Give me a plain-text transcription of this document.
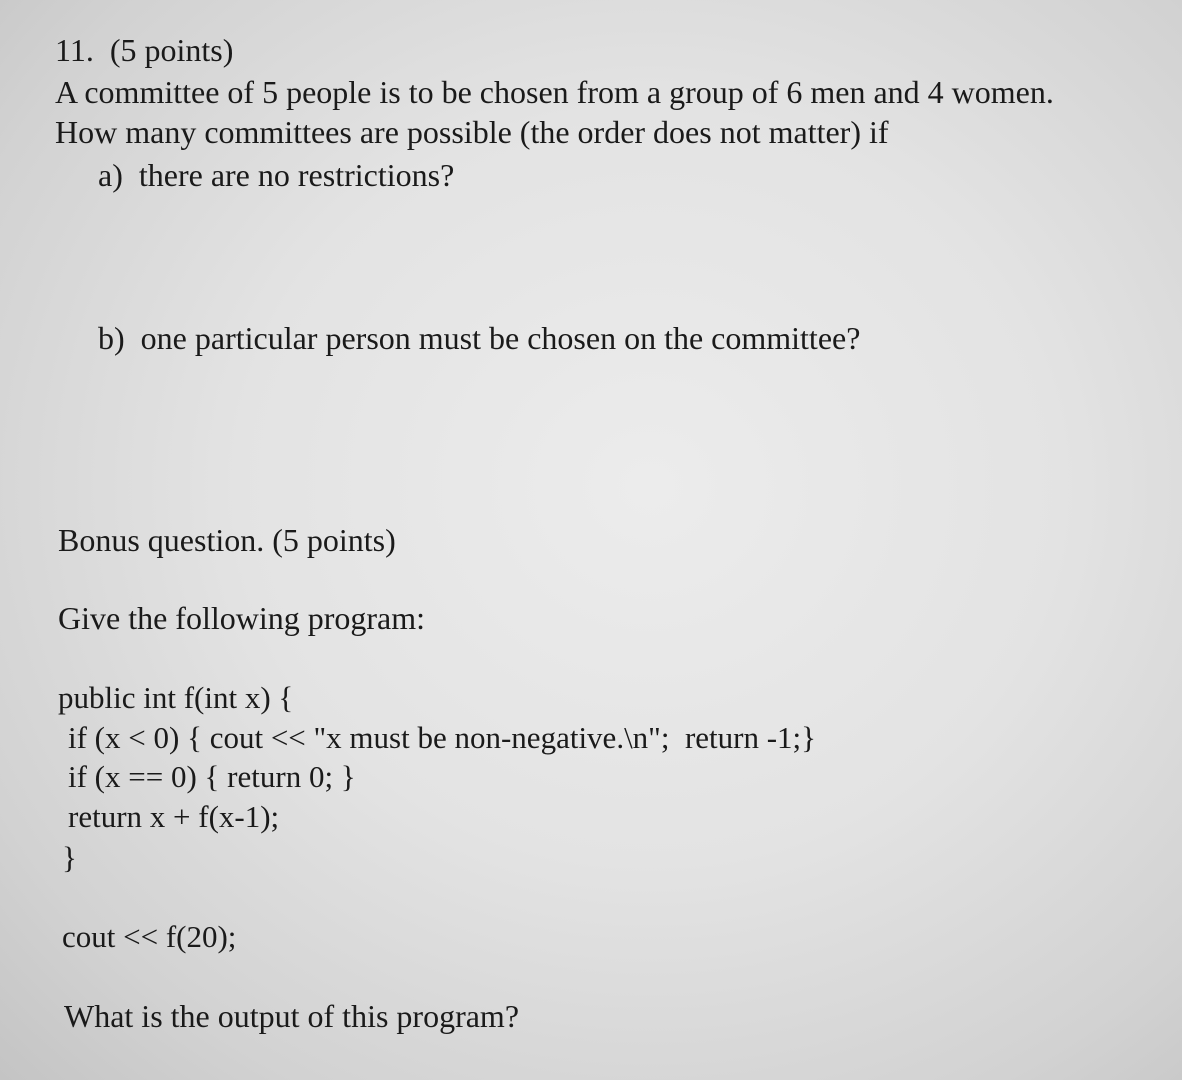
11.  (5 points)
A committee of 5 people is to be chosen from a group of 6 men and 4 women.
How many committees are possible (the order does not matter) if
a)  there are no restrictions?
b)  one particular person must be chosen on the committee?
Bonus question. (5 points)
Give the following program:
public int f(int x) {
if (x < 0) { cout << "x must be non-negative.\n";  return -1;}
if (x == 0) { return 0; }
return x + f(x-1);
}
cout << f(20);
What is the output of this program?
